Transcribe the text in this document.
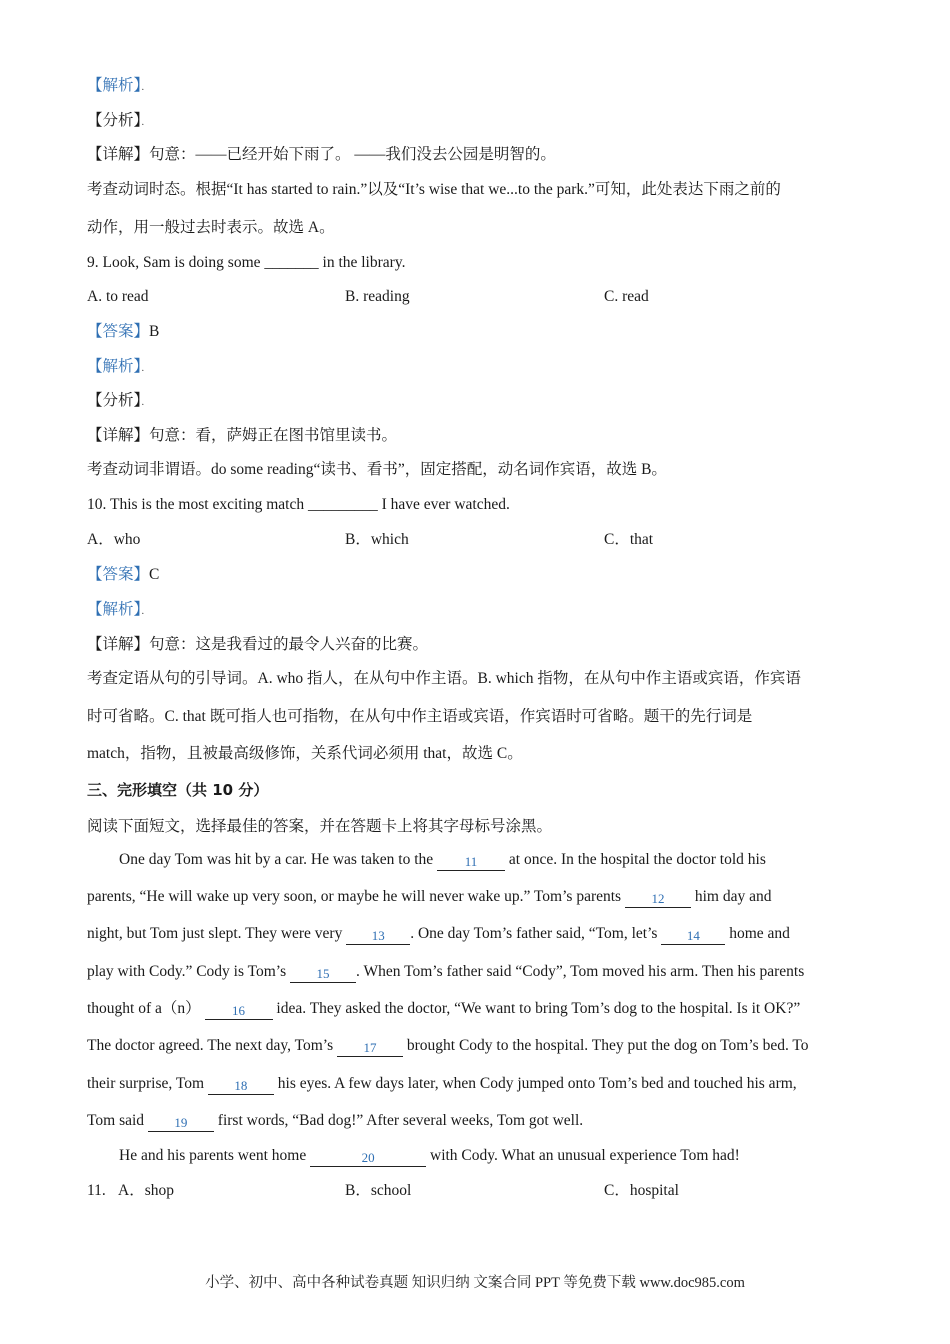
【解析】．
【分析】．
【详解】句意：——已经开始下雨了。 ——我们没去公园是明智的。
考查动词时态。根据“It has started to rain.”以及“It’s wise that we...to the park.”可知，此处表达下雨之前的
动作，用一般过去时表示。故选 A。
9. Look, Sam is doing some _______ in the library.
A. to read	B. reading	C. read
【答案】B
【解析】．
【分析】．
【详解】句意：看，萨姆正在图书馆里读书。
考查动词非谓语。do some reading“读书、看书”，固定搭配，动名词作宾语，故选 B。
10. This is the most exciting match _________ I have ever watched.
A．who	B．which	C．that
【答案】C
【解析】．
【详解】句意：这是我看过的最令人兴奋的比赛。
考查定语从句的引导词。A. who 指人，在从句中作主语。B. which 指物，在从句中作主语或宾语，作宾语
时可省略。C. that 既可指人也可指物，在从句中作主语或宾语，作宾语时可省略。题干的先行词是
match，指物，且被最高级修饰，关系代词必须用 that，故选 C。
三、完形填空（共 10 分）
阅读下面短文，选择最佳的答案，并在答题卡上将其字母标号涂黑。
One day Tom was hit by a car. He was taken to the 11 at once. In the hospital the doctor told his
parents, “He will wake up very soon, or maybe he will never wake up.” Tom’s parents 12 him day and
night, but Tom just slept. They were very 13 . One day Tom’s father said, “Tom, let’s 14 home and
play with Cody.” Cody is Tom’s 15 . When Tom’s father said “Cody”, Tom moved his arm. Then his parents
thought of a（n） 16 idea. They asked the doctor, “We want to bring Tom’s dog to the hospital. Is it OK?”
The doctor agreed. The next day, Tom’s 17 brought Cody to the hospital. They put the dog on Tom’s bed. To
their surprise, Tom 18 his eyes. A few days later, when Cody jumped onto Tom’s bed and touched his arm,
Tom said 19 first words, “Bad dog!” After several weeks, Tom got well.
He and his parents went home	20	with Cody. What an unusual experience Tom had!
11. A．shop	B．school	C．hospital
小学、初中、高中各种试卷真题 知识归纳 文案合同 PPT 等免费下载 www.doc985.com
